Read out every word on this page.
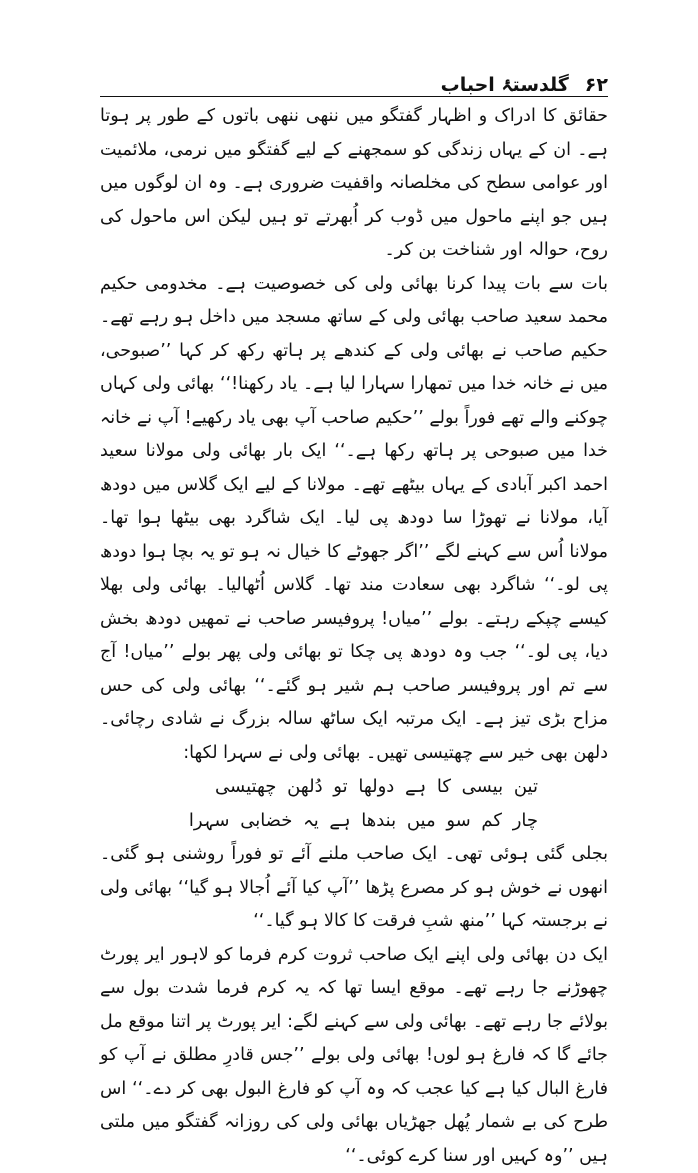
۶۲
گلدستۂ احباب

حقائق کا ادراک و اظہار گفتگو میں ننھی ننھی باتوں کے طور پر ہوتا ہے۔ ان کے یہاں زندگی کو سمجھنے کے لیے گفتگو میں نرمی، ملائمیت اور عوامی سطح کی مخلصانہ واقفیت ضروری ہے۔ وہ ان لوگوں میں ہیں جو اپنے ماحول میں ڈوب کر اُبھرتے تو ہیں لیکن اس ماحول کی روح، حوالہ اور شناخت بن کر۔

بات سے بات پیدا کرنا بھائی ولی کی خصوصیت ہے۔ مخدومی حکیم محمد سعید صاحب بھائی ولی کے ساتھ مسجد میں داخل ہو رہے تھے۔ حکیم صاحب نے بھائی ولی کے کندھے پر ہاتھ رکھ کر کہا ’’صبوحی، میں نے خانہ خدا میں تمھارا سہارا لیا ہے۔ یاد رکھنا!‘‘ بھائی ولی کہاں چوکنے والے تھے فوراً بولے ’’حکیم صاحب آپ بھی یاد رکھیے! آپ نے خانہ خدا میں صبوحی پر ہاتھ رکھا ہے۔‘‘ ایک بار بھائی ولی مولانا سعید احمد اکبر آبادی کے یہاں بیٹھے تھے۔ مولانا کے لیے ایک گلاس میں دودھ آیا، مولانا نے تھوڑا سا دودھ پی لیا۔ ایک شاگرد بھی بیٹھا ہوا تھا۔ مولانا اُس سے کہنے لگے ’’اگر جھوٹے کا خیال نہ ہو تو یہ بچا ہوا دودھ پی لو۔‘‘ شاگرد بھی سعادت مند تھا۔ گلاس اُٹھالیا۔ بھائی ولی بھلا کیسے چپکے رہتے۔ بولے ’’میاں! پروفیسر صاحب نے تمھیں دودھ بخش دیا، پی لو۔‘‘ جب وہ دودھ پی چکا تو بھائی ولی پھر بولے ’’میاں! آج سے تم اور پروفیسر صاحب ہم شیر ہو گئے۔‘‘ بھائی ولی کی حس مزاح بڑی تیز ہے۔ ایک مرتبہ ایک ساٹھ سالہ بزرگ نے شادی رچائی۔ دلھن بھی خیر سے چھتیسی تھیں۔ بھائی ولی نے سہرا لکھا:

تین بیسی کا ہے دولھا تو دُلھن چھتیسی
چار کم سو میں بندھا ہے یہ خضابی سہرا

بجلی گئی ہوئی تھی۔ ایک صاحب ملنے آئے تو فوراً روشنی ہو گئی۔ انھوں نے خوش ہو کر مصرع پڑھا ’’آپ کیا آئے اُجالا ہو گیا‘‘ بھائی ولی نے برجستہ کہا ’’منھ شبِ فرقت کا کالا ہو گیا۔‘‘

ایک دن بھائی ولی اپنے ایک صاحب ثروت کرم فرما کو لاہور ایر پورٹ چھوڑنے جا رہے تھے۔ موقع ایسا تھا کہ یہ کرم فرما شدت بول سے بولائے جا رہے تھے۔ بھائی ولی سے کہنے لگے: ایر پورٹ پر اتنا موقع مل جائے گا کہ فارغ ہو لوں! بھائی ولی بولے ’’جس قادرِ مطلق نے آپ کو فارغ البال کیا ہے کیا عجب کہ وہ آپ کو فارغ البول بھی کر دے۔‘‘ اس طرح کی بے شمار پُھل جھڑیاں بھائی ولی کی روزانہ گفتگو میں ملتی ہیں ’’وہ کہیں اور سنا کرے کوئی۔‘‘
